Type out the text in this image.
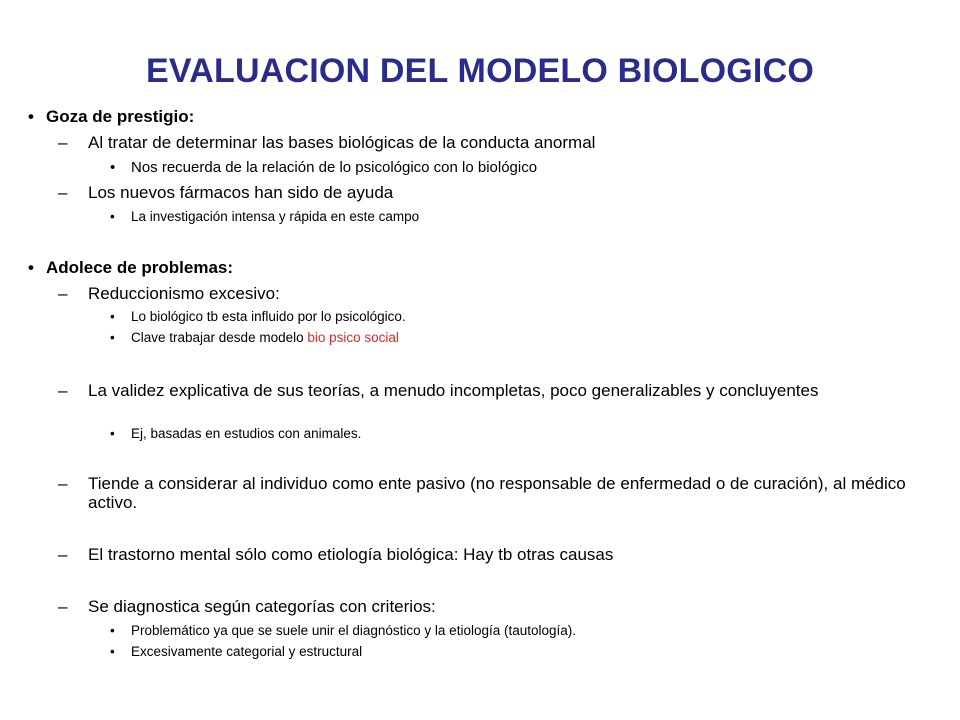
EVALUACION DEL MODELO BIOLOGICO
• Goza de prestigio:
– Al tratar de determinar las bases biológicas de la conducta anormal
• Nos recuerda de la relación de lo psicológico con lo biológico
– Los nuevos fármacos han sido de ayuda
• La investigación intensa y rápida en este campo
• Adolece de problemas:
– Reduccionismo excesivo:
• Lo biológico tb esta influido por lo psicológico.
• Clave trabajar desde modelo bio psico social
– La validez explicativa de sus teorías, a menudo incompletas, poco generalizables y concluyentes
• Ej, basadas en estudios con animales.
– Tiende a considerar al individuo como ente pasivo (no responsable de enfermedad o de curación), al médico activo.
– El trastorno mental sólo como etiología biológica: Hay tb otras causas
– Se diagnostica según categorías con criterios:
• Problemático ya que se suele unir el diagnóstico y la etiología (tautología).
• Excesivamente categorial y estructural
